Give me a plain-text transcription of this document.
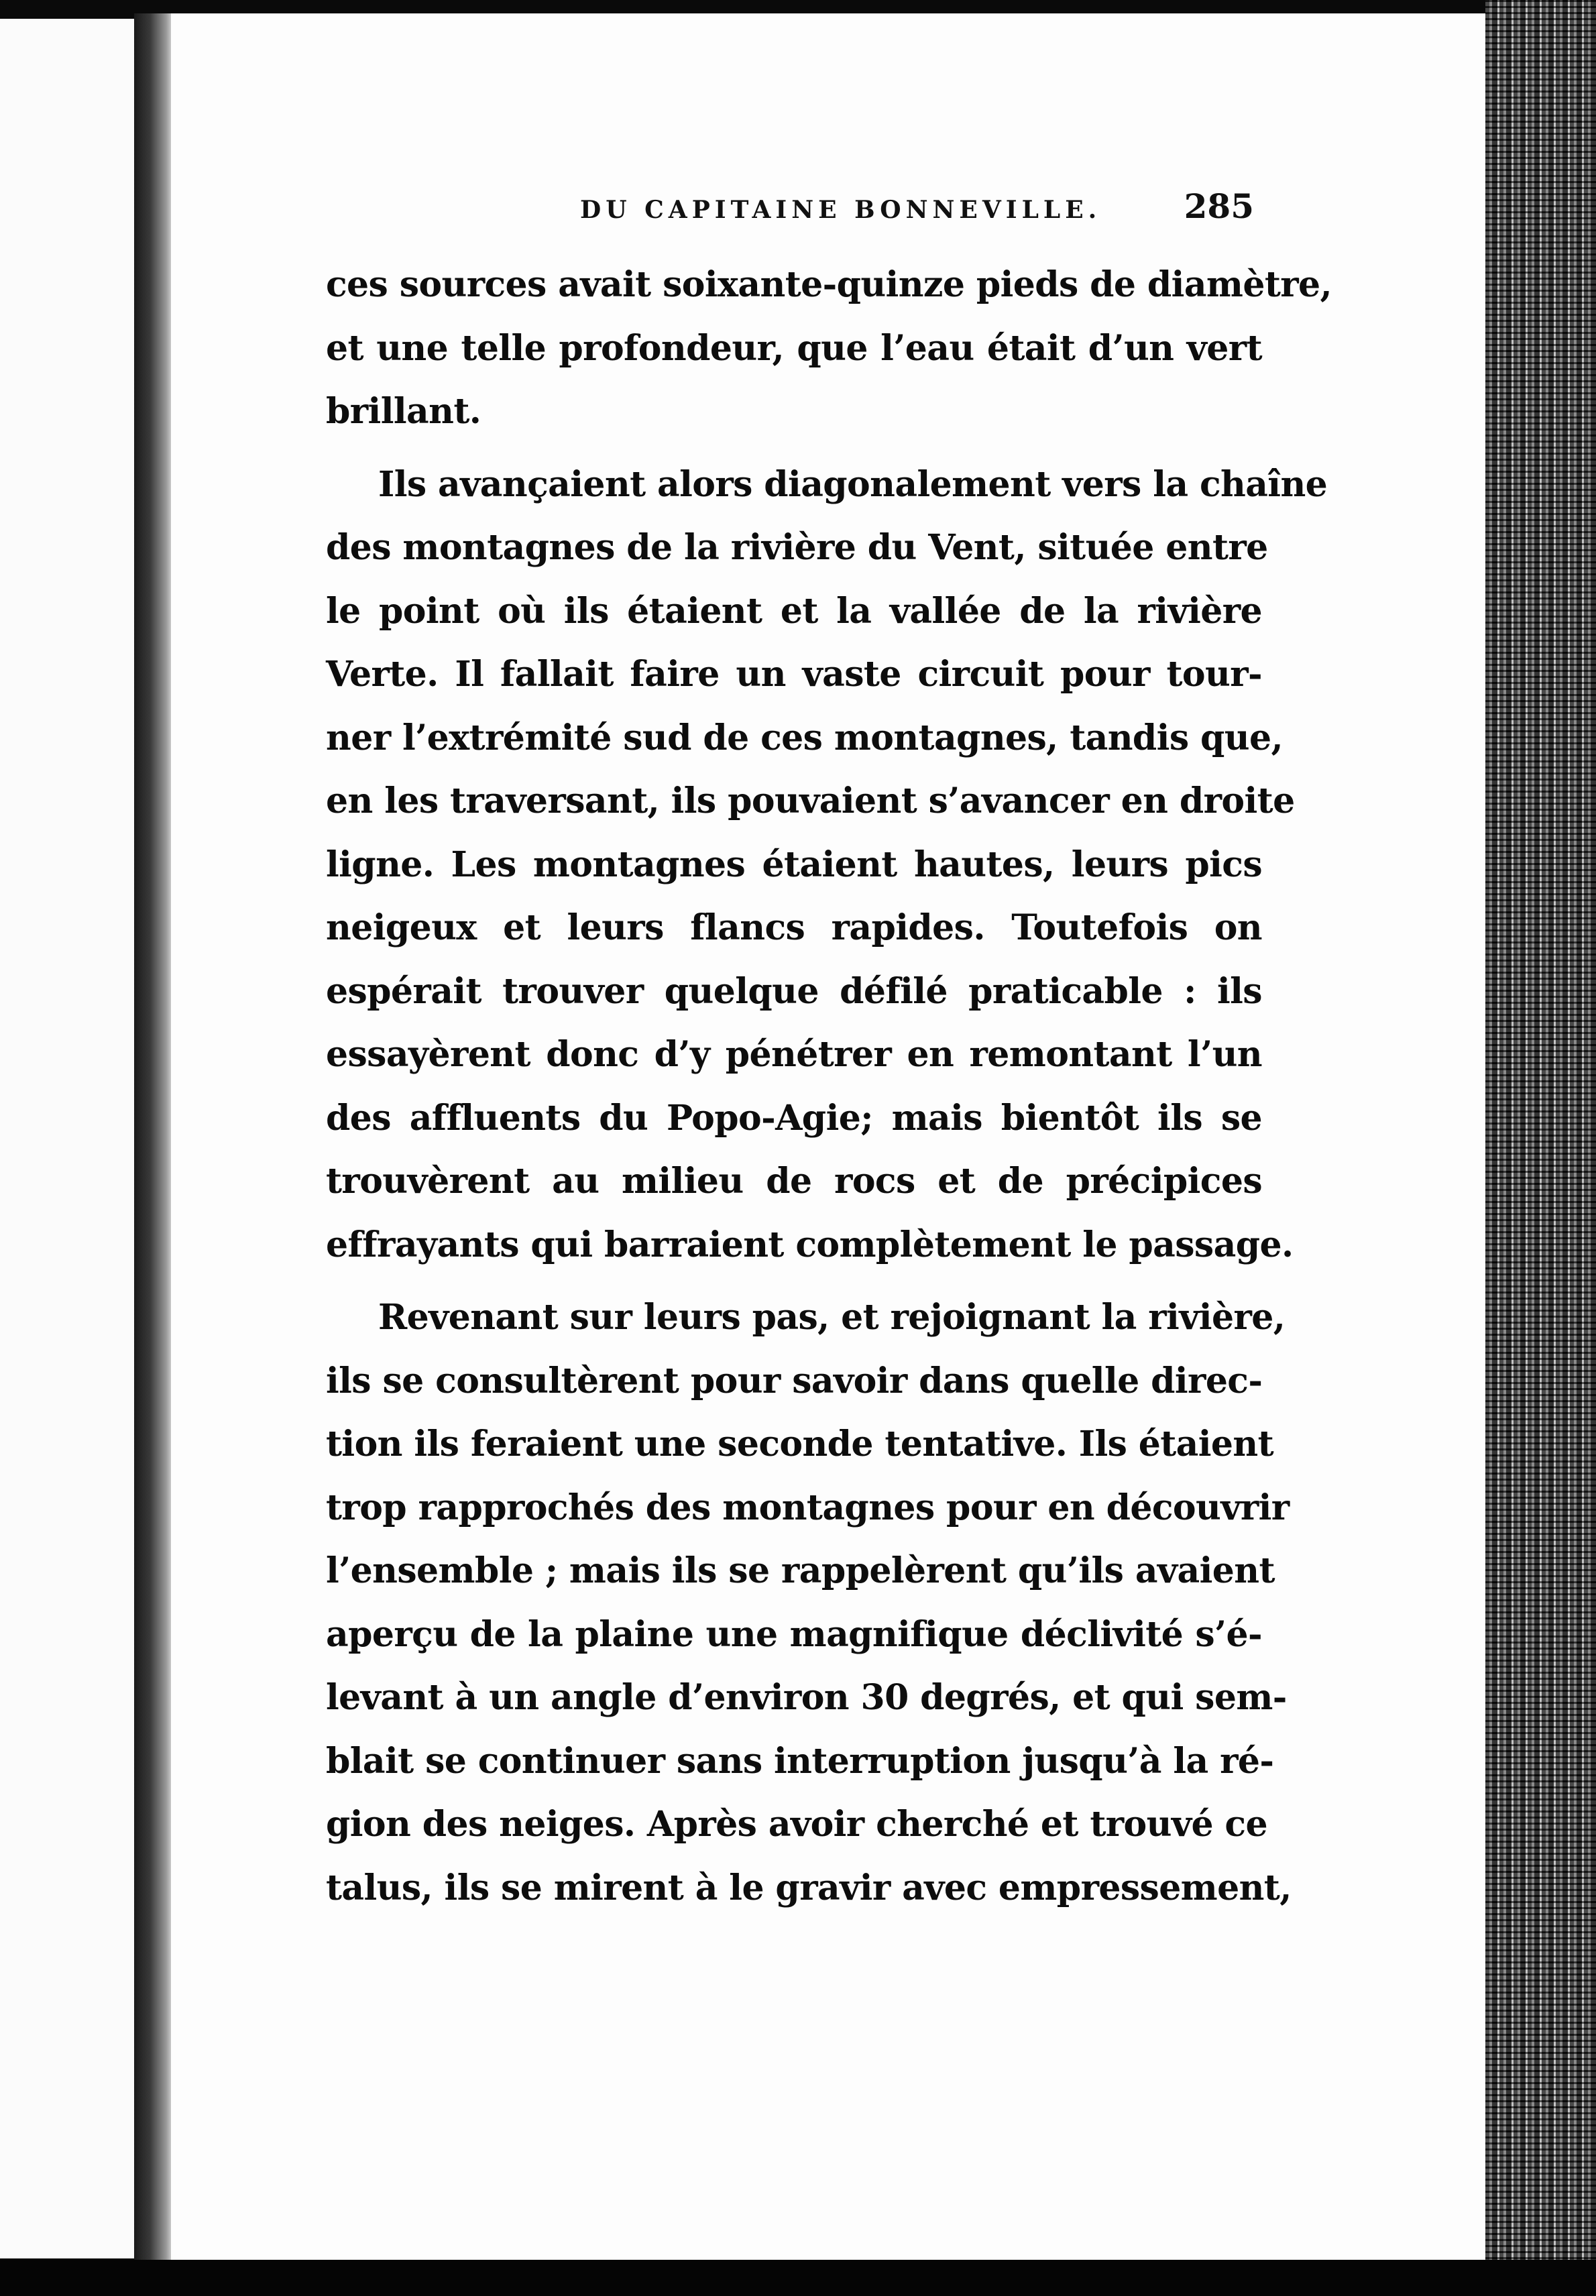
DU CAPITAINE BONNEVILLE. 285
ces sources avait soixante-quinze pieds de diamètre,
et une telle profondeur, que l’eau était d’un vert
brillant.
Ils avançaient alors diagonalement vers la chaîne
des montagnes de la rivière du Vent, située entre
le point où ils étaient et la vallée de la rivière
Verte. Il fallait faire un vaste circuit pour tour-
ner l’extrémité sud de ces montagnes, tandis que,
en les traversant, ils pouvaient s’avancer en droite
ligne. Les montagnes étaient hautes, leurs pics
neigeux et leurs flancs rapides. Toutefois on
espérait trouver quelque défilé praticable : ils
essayèrent donc d’y pénétrer en remontant l’un
des affluents du Popo-Agie; mais bientôt ils se
trouvèrent au milieu de rocs et de précipices
effrayants qui barraient complètement le passage.
Revenant sur leurs pas, et rejoignant la rivière,
ils se consultèrent pour savoir dans quelle direc-
tion ils feraient une seconde tentative. Ils étaient
trop rapprochés des montagnes pour en découvrir
l’ensemble ; mais ils se rappelèrent qu’ils avaient
aperçu de la plaine une magnifique déclivité s’é-
levant à un angle d’environ 30 degrés, et qui sem-
blait se continuer sans interruption jusqu’à la ré-
gion des neiges. Après avoir cherché et trouvé ce
talus, ils se mirent à le gravir avec empressement,
